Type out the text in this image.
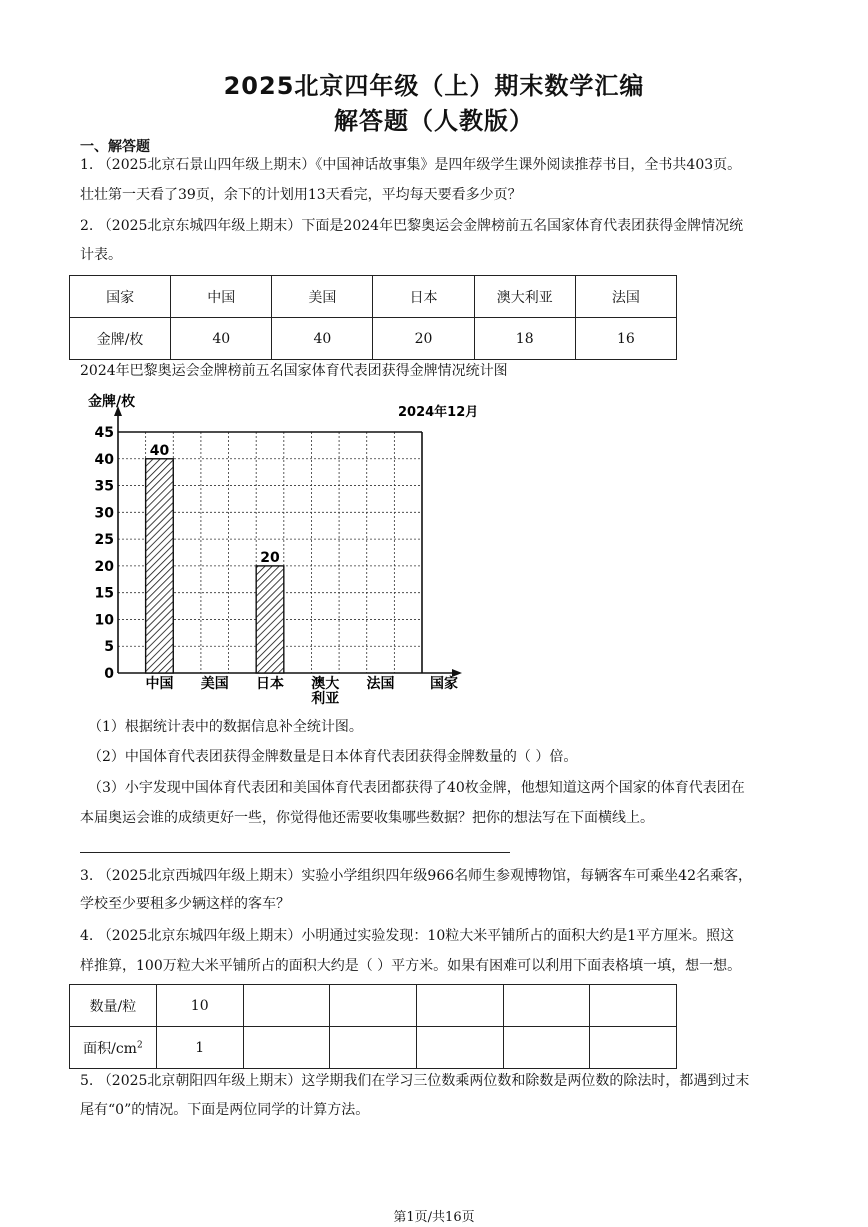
2025北京四年级（上）期末数学汇编
解答题（人教版）
一、解答题
1. （2025北京石景山四年级上期末）《中国神话故事集》是四年级学生课外阅读推荐书目，全书共403页。
壮壮第一天看了39页，余下的计划用13天看完，平均每天要看多少页？
2. （2025北京东城四年级上期末）下面是2024年巴黎奥运会金牌榜前五名国家体育代表团获得金牌情况统
计表。
国家	中国	美国	日本	澳大利亚	法国
金牌/枚	40	40	20	18	16
2024年巴黎奥运会金牌榜前五名国家体育代表团获得金牌情况统计图
0
5
10
15
20
25
30
35
40
45
金牌/枚
2024年12月
国家
中国
40
美国 日本
20
澳大
利亚
法国
（1）根据统计表中的数据信息补全统计图。
（2）中国体育代表团获得金牌数量是日本体育代表团获得金牌数量的（ ）倍。
（3）小宇发现中国体育代表团和美国体育代表团都获得了40枚金牌，他想知道这两个国家的体育代表团在
本届奥运会谁的成绩更好一些，你觉得他还需要收集哪些数据？把你的想法写在下面横线上。
3. （2025北京西城四年级上期末）实验小学组织四年级966名师生参观博物馆，每辆客车可乘坐42名乘客，
学校至少要租多少辆这样的客车？
4. （2025北京东城四年级上期末）小明通过实验发现：10粒大米平铺所占的面积大约是1平方厘米。照这
样推算，100万粒大米平铺所占的面积大约是（ ）平方米。如果有困难可以利用下面表格填一填，想一想。
数量/粒	10					
面积$/cm^2$	1					
5. （2025北京朝阳四年级上期末）这学期我们在学习三位数乘两位数和除数是两位数的除法时，都遇到过末
尾有“0”的情况。下面是两位同学的计算方法。
第1页/共16页
